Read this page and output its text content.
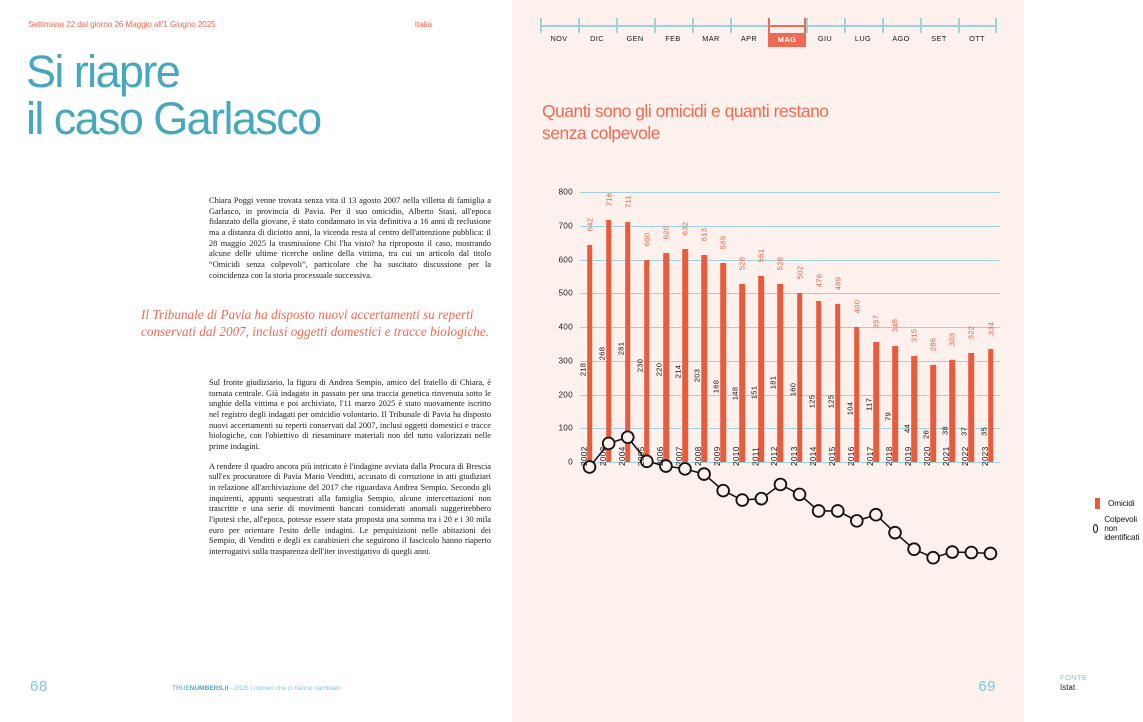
Settimana 22 dal giorno 26 Maggio all'1 Giugno 2025	Italia
Si riapre
il caso Garlasco

Chiara Poggi venne trovata senza vita il 13 agosto 2007 nella villetta di famiglia a Garlasco, in provincia di Pavia. Per il suo omicidio, Alberto Stasi, all'epoca fidanzato della giovane, è stato condannato in via definitiva a 16 anni di reclusione ma a distanza di diciotto anni, la vicenda resta al centro dell'attenzione pubblica: il 28 maggio 2025 la trasmissione Chi l'ha visto? ha riproposto il caso, mostrando alcune delle ultime ricerche online della vittima, tra cui un articolo dal titolo “Omicidi senza colpevoli”, particolare che ha suscitato discussione per la coincidenza con la storia processuale successiva.

Il Tribunale di Pavia ha disposto nuovi accertamenti su reperti conservati dal 2007, inclusi oggetti domestici e tracce biologiche.

Sul fronte giudiziario, la figura di Andrea Sempio, amico del fratello di Chiara, è tornata centrale. Già indagato in passato per una traccia genetica rinvenuta sotto le unghie della vittima e poi archiviato, l'11 marzo 2025 è stato nuovamente iscritto nel registro degli indagati per omicidio volontario. Il Tribunale di Pavia ha disposto nuovi accertamenti su reperti conservati dal 2007, inclusi oggetti domestici e tracce biologiche, con l'obiettivo di riesaminare materiali non del tutto valorizzati nelle prime indagini.

A rendere il quadro ancora più intricato è l'indagine avviata dalla Procura di Brescia sull'ex procuratore di Pavia Mario Venditti, accusato di corruzione in atti giudiziari in relazione all'archiviazione del 2017 che riguardava Andrea Sempio. Secondo gli inquirenti, appunti sequestrati alla famiglia Sempio, alcune intercettazioni non trascritte e una serie di movimenti bancari considerati anomali suggerirebbero l'ipotesi che, all'epoca, potesse essere stata proposta una somma tra i 20 e i 30 mila euro per orientare l'esito delle indagini. Le perquisizioni nelle abitazioni dei Sempio, di Venditti e degli ex carabinieri che seguirono il fascicolo hanno riaperto interrogativi sulla trasparenza dell'iter investigativo di quegli anni.

68	TRUENUMBERS.it - 2025 I numeri che ci hanno cambiato
NOV	DIC	GEN	FEB	MAR	APR	MAG	GIU	LUG	AGO	SET	OTT
Quanti sono gli omicidi e quanti restano
senza colpevole
0
100
200
300
400
500
600
700
800
642
218
716
268
711
281
600
230
620
220
632
214
613
203
589
168
528
148
551
151
528
181
502
160
476
125
469
125
400
104
357
117
345
79
315
44
286
26
303
38
322
37
334
35
2002 2003 2004 2005 2006 2007 2008 2009 2010 2011 2012 2013 2014 2015 2016 2017 2018 2019 2020 2021 2022 2023
Omicidi
Colpevoli non identificati
FONTE
Istat
69
